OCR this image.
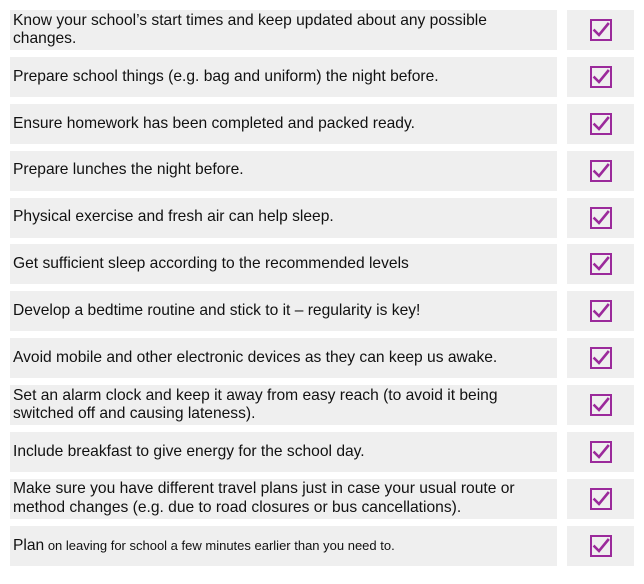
Know your school’s start times and keep updated about any possible changes.
Prepare school things (e.g. bag and uniform) the night before.
Ensure homework has been completed and packed ready.
Prepare lunches the night before.
Physical exercise and fresh air can help sleep.
Get sufficient sleep according to the recommended levels
Develop a bedtime routine and stick to it – regularity is key!
Avoid mobile and other electronic devices as they can keep us awake.
Set an alarm clock and keep it away from easy reach (to avoid it being switched off and causing lateness).
Include breakfast to give energy for the school day.
Make sure you have different travel plans just in case your usual route or method changes (e.g. due to road closures or bus cancellations).
Plan on leaving for school a few minutes earlier than you need to.
